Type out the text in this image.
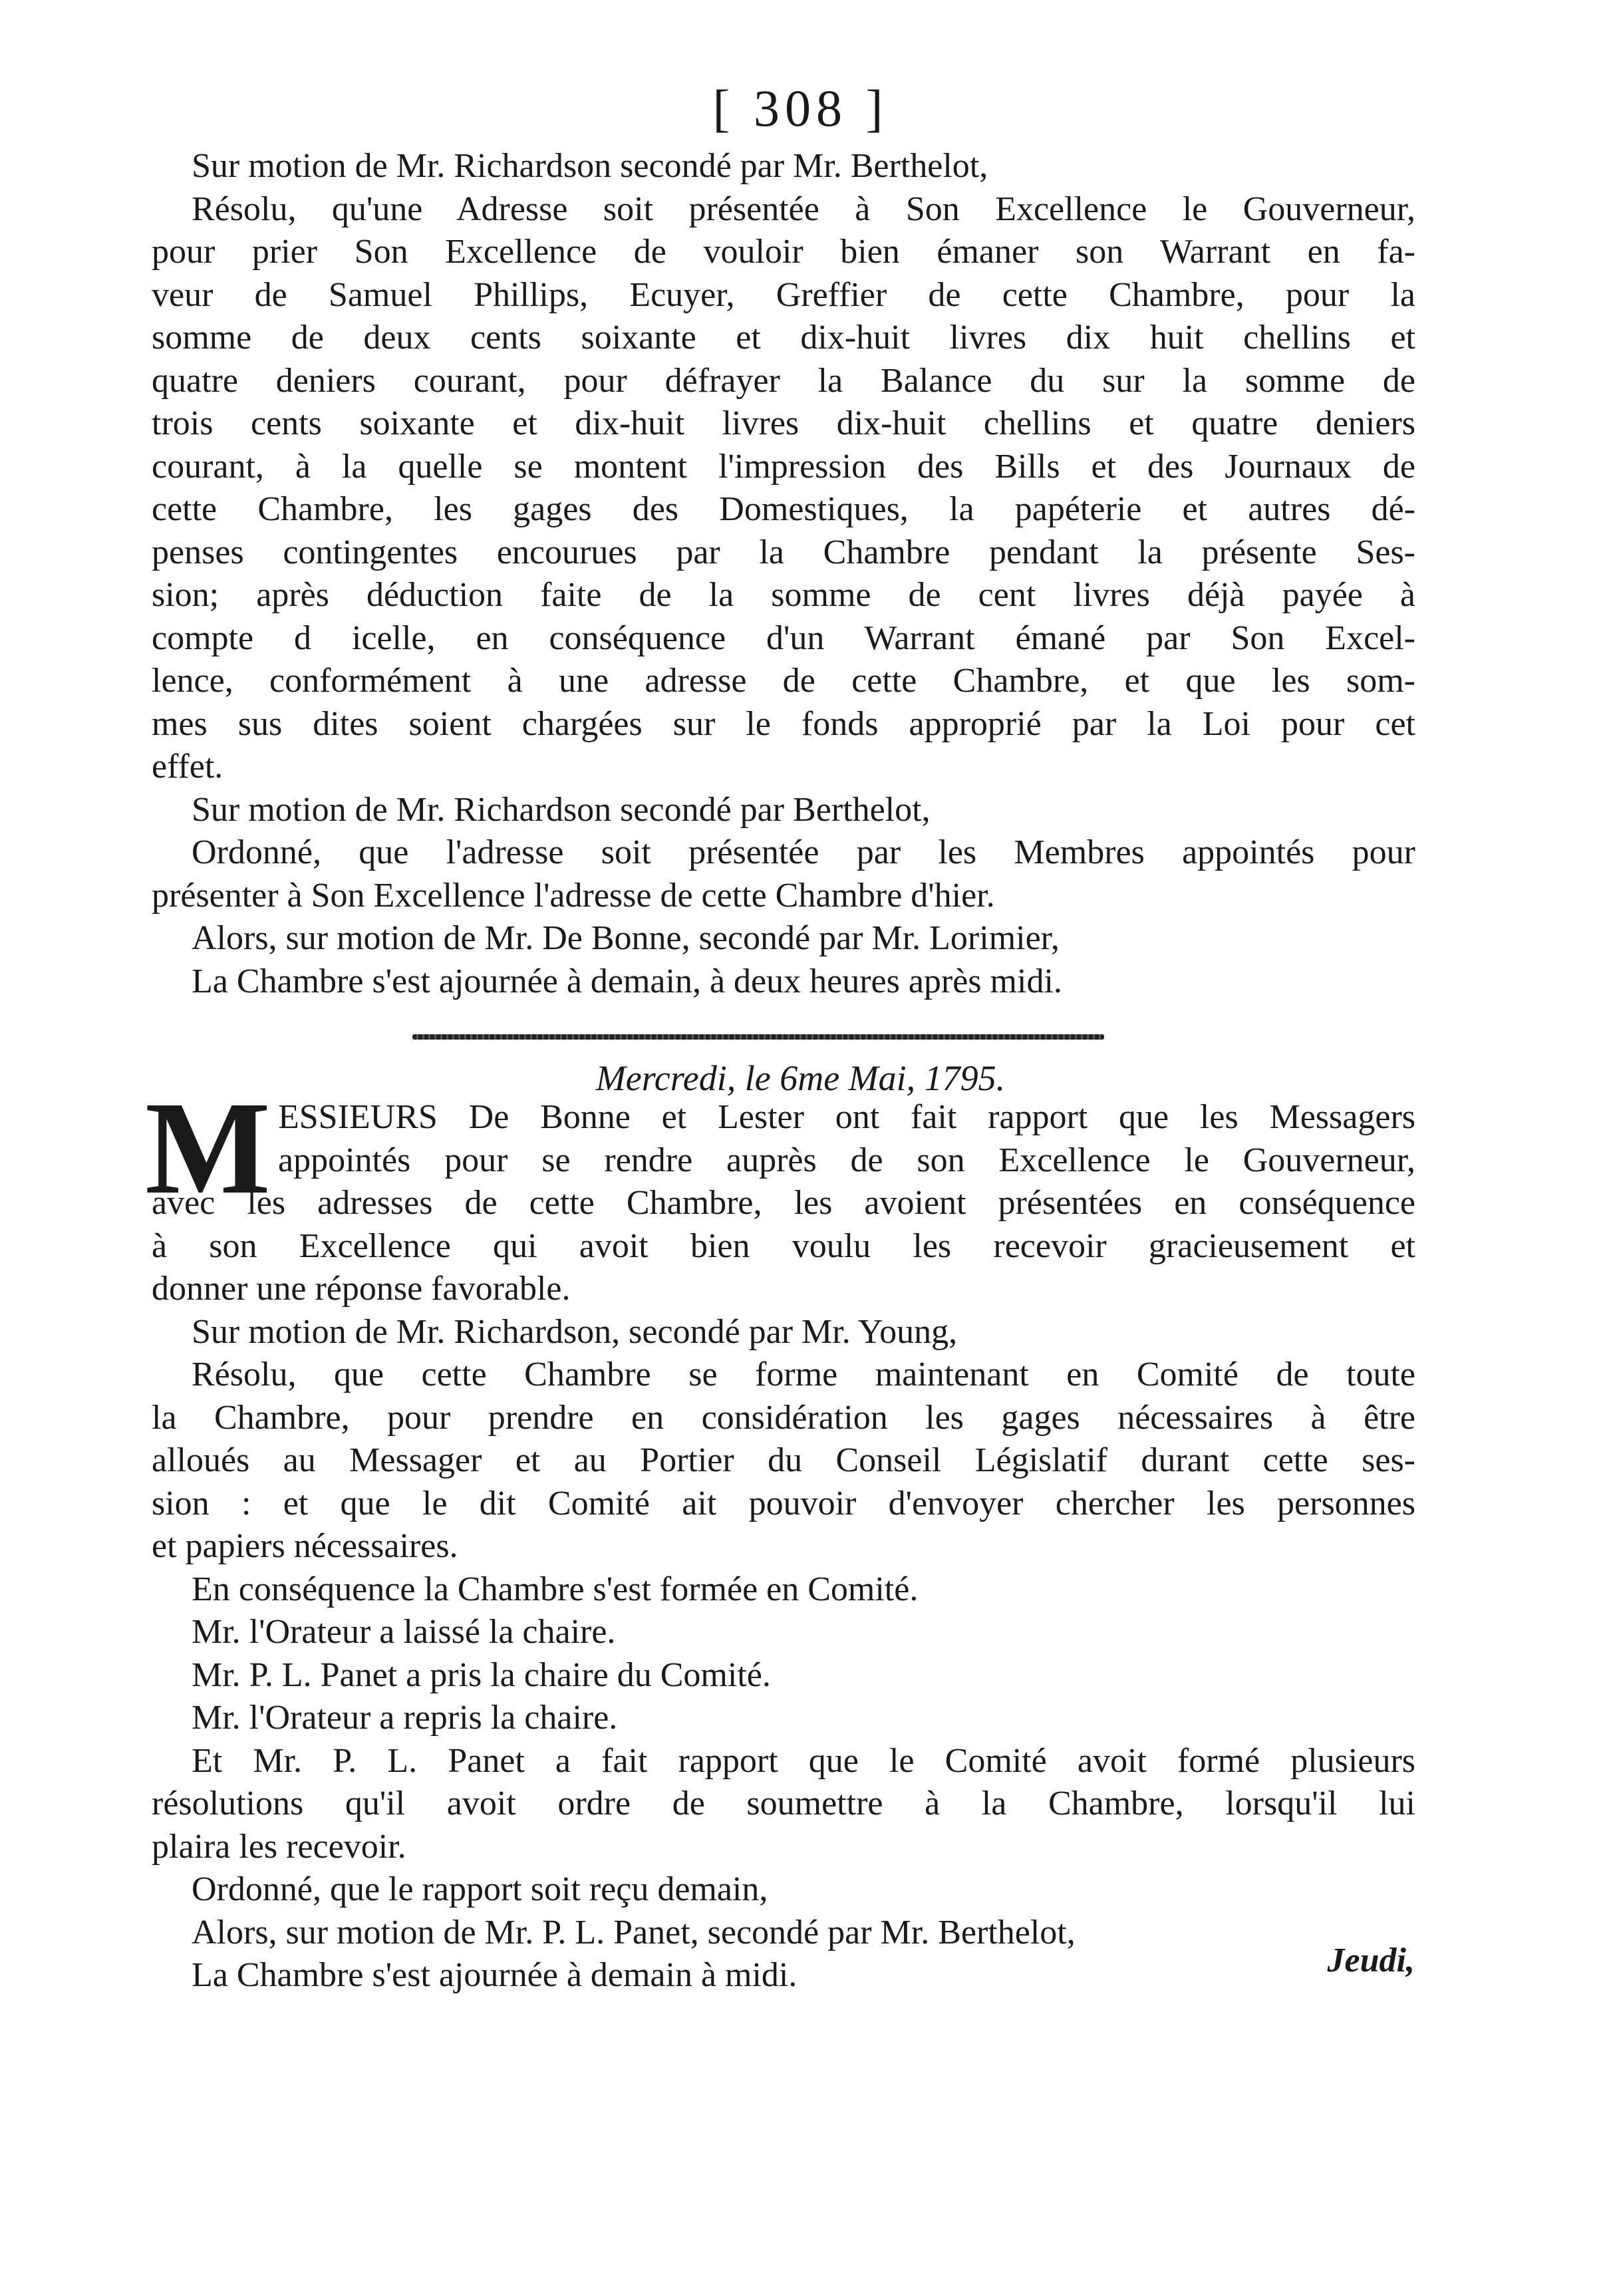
[ 308 ]
Sur motion de Mr. Richardson secondé par Mr. Berthelot,
Résolu, qu'une Adresse soit présentée à Son Excellence le Gouverneur,
pour prier Son Excellence de vouloir bien émaner son Warrant en fa-
veur de Samuel Phillips, Ecuyer, Greffier de cette Chambre, pour la
somme de deux cents soixante et dix-huit livres dix huit chellins et
quatre deniers courant, pour défrayer la Balance du sur la somme de
trois cents soixante et dix-huit livres dix-huit chellins et quatre deniers
courant, à la quelle se montent l'impression des Bills et des Journaux de
cette Chambre, les gages des Domestiques, la papéterie et autres dé-
penses contingentes encourues par la Chambre pendant la présente Ses-
sion; après déduction faite de la somme de cent livres déjà payée à
compte d icelle, en conséquence d'un Warrant émané par Son Excel-
lence, conformément à une adresse de cette Chambre, et que les som-
mes sus dites soient chargées sur le fonds approprié par la Loi pour cet
effet.
Sur motion de Mr. Richardson secondé par Berthelot,
Ordonné, que l'adresse soit présentée par les Membres appointés pour
présenter à Son Excellence l'adresse de cette Chambre d'hier.
Alors, sur motion de Mr. De Bonne, secondé par Mr. Lorimier,
La Chambre s'est ajournée à demain, à deux heures après midi.
Mercredi, le 6me Mai, 1795.
M ESSIEURS De Bonne et Lester ont fait rapport que les Messagers
appointés pour se rendre auprès de son Excellence le Gouverneur,
avec les adresses de cette Chambre, les avoient présentées en conséquence
à son Excellence qui avoit bien voulu les recevoir gracieusement et
donner une réponse favorable.
Sur motion de Mr. Richardson, secondé par Mr. Young,
Résolu, que cette Chambre se forme maintenant en Comité de toute
la Chambre, pour prendre en considération les gages nécessaires à être
alloués au Messager et au Portier du Conseil Législatif durant cette ses-
sion : et que le dit Comité ait pouvoir d'envoyer chercher les personnes
et papiers nécessaires.
En conséquence la Chambre s'est formée en Comité.
Mr. l'Orateur a laissé la chaire.
Mr. P. L. Panet a pris la chaire du Comité.
Mr. l'Orateur a repris la chaire.
Et Mr. P. L. Panet a fait rapport que le Comité avoit formé plusieurs
résolutions qu'il avoit ordre de soumettre à la Chambre, lorsqu'il lui
plaira les recevoir.
Ordonné, que le rapport soit reçu demain,
Alors, sur motion de Mr. P. L. Panet, secondé par Mr. Berthelot,
La Chambre s'est ajournée à demain à midi.	Jeudi,
